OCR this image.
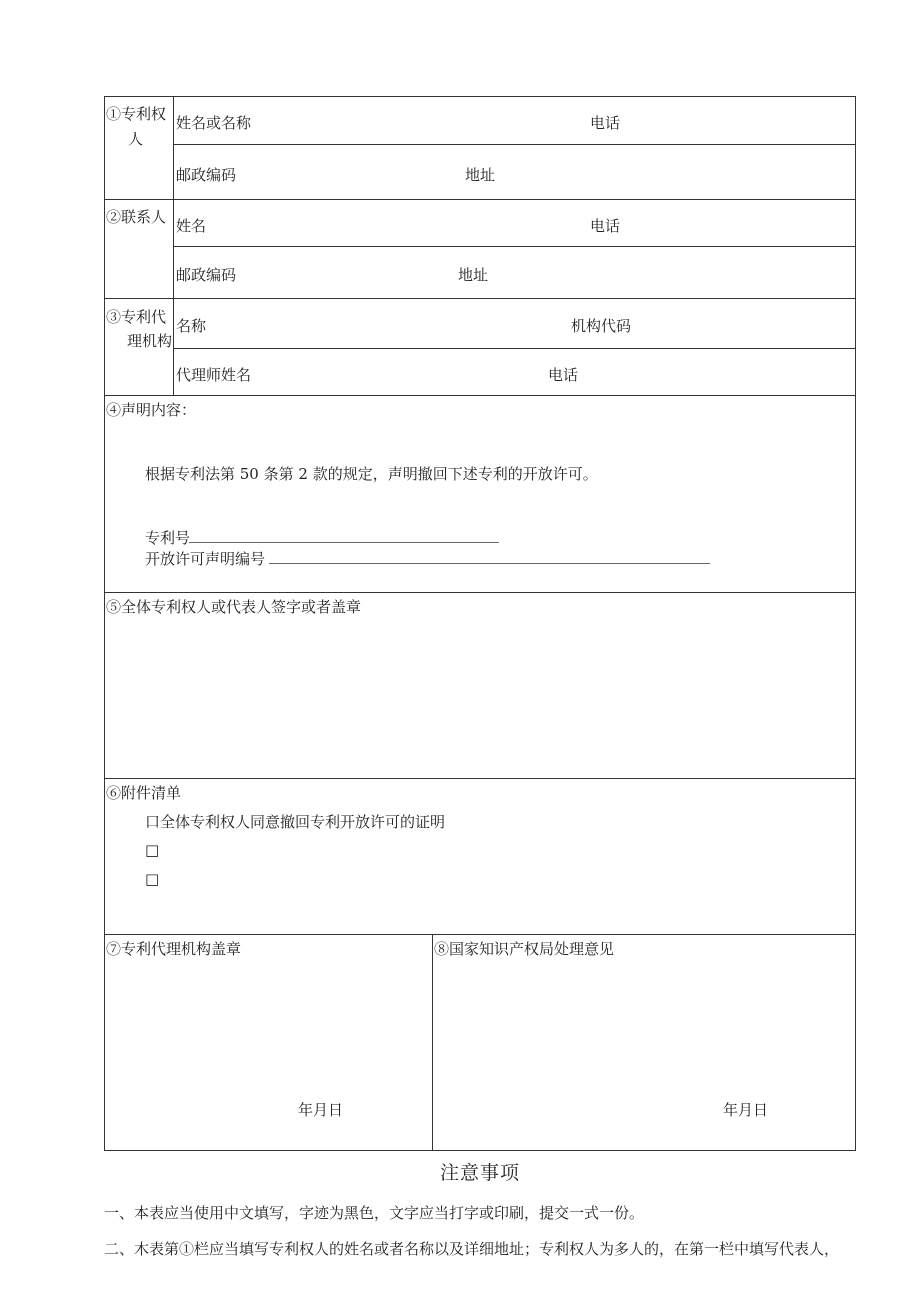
①专利权
人
姓名或名称	电话
邮政编码	地址
②联系人 姓名	电话
邮政编码	地址
③专利代
理机构
名称	机构代码
代理师姓名	电话
④声明内容：
根据专利法第 50 条第 2 款的规定，声明撤回下述专利的开放许可。
专利号
开放许可声明编号
⑤全体专利权人或代表人签字或者盖章
⑥附件清单
口全体专利权人同意撤回专利开放许可的证明
□
□
⑦专利代理机构盖章
年月日
⑧国家知识产权局处理意见
年月日
注意事项
一、本表应当使用中文填写，字迹为黑色，文字应当打字或印刷，提交一式一份。
二、木表第①栏应当填写专利权人的姓名或者名称以及详细地址；专利权人为多人的，在第一栏中填写代表人，
